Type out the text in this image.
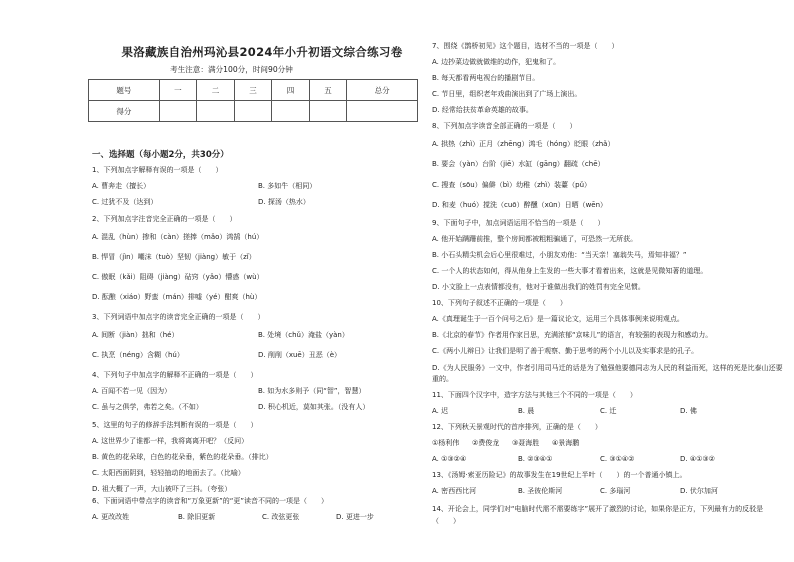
果洛藏族自治州玛沁县2024年小升初语文综合练习卷
考生注意：满分100分，时间90分钟
题号	一	二	三	四	五	总分
得分						
一、选择题（每小题2分，共30分）
1、下列加点字解释有误的一项是（　　）
A. 曹奔走（擅长）	B. 多如牛（相同）
C. 过犹不及（达到）	D. 探汤（热水）
2、下列加点字注音完全正确的一项是（　　）
A. 混乱（hùn）掺和（càn）搓捧（mǎo）鸿鹄（hú）
B. 悍冒（jìn）嘲沫（tuò）坚韧（jiàng）敏于（zǐ）
C. 傲眠（kǎi）阻碍（jiàng）砧窍（yǎo）懵惑（wù）
D. 酝酿（xiáo）野蛮（mán）排嘘（yé）酣爽（hù）
3、下列词语中加点字的读音完全正确的一项是（　　）
A. 间断（jiàn）拙和（hé）	B. 处境（chǔ）淹盐（yàn）
C. 执烹（néng）含糊（hú）	D. 削削（xuē）丑恶（è）
4、下列句子中加点字的解释不正确的一项是（　　）
A. 百闻不若一见（因为）	B. 如为水多则予（同“智”，智慧）
C. 虽与之俱学，弗若之矣。（不如）	D. 积心机近，莫如其张。（没有人）
5、这里的句子的修辞手法判断有误的一项是（　　）
A. 这世界少了谁都一样，我将离离开吧？（反问）
B. 黄色的花朵球，白色的花朵垂，紫色的花朵垂。（排比）
C. 太阳西面阴到，轻轻抽动的地面去了。（比喻）
D. 祖大概了一声，大山被吓了三抖。（夸张）
6、下面词语中带点字的读音和“万象更新”的“更”读音不同的一项是（　　）
A. 更改改姓	B. 除旧更新	C. 改弦更张	D. 更进一步
7、围绕《鹊桥初见》这个题目，选材不当的一项是（　　）
A. 边抄菜边做就做维的动作，犯鬼和了。
B. 每天都看两电视台的播剧节目。
C. 节日里，组织老年戏曲演出到了广场上演出。
D. 经常给扶贫革命英雄的故事。
8、下列加点字读音全部正确的一项是（　　）
A. 拱热（zhì）正月（zhēng）鸿毛（hóng）眨眼（zhǎ）
B. 要会（yàn）台阶（jiē）水缸（gāng）翻疏（chē）
C. 搜查（sōu）偏僻（bì）幼稚（zhì）装薹（pǔ）
D. 和麦（huó）搅洗（cuō）醉醺（xūn）日晒（wēn）
9、下面句子中，加点词语运用不恰当的一项是（　　）
A. 他开始蹒跚前推，整个房间都被粗粗骗通了，可恐然一无所获。
B. 小石头精尖机会后心里很难过，小朋友劝他：“当天亲！塞翁失马，焉知非福？”
C. 一个人的状态如何，得从他身上生发的一些大事才看着出来，这就是见微知著的道理。
D. 小文脸上一点表情都没有，他对于谁做出我们的姓罚有完全见惯。
10、下列句子叙述不正确的一项是（　　）
A.《真理诞生于一百个问号之后》是一篇议论文，运用三个具体事例来说明观点。
B.《北京的春节》作者用作家吕思，充满浓郁“京味儿”的语言，有较强的表现力和感动力。
C.《两小儿辩日》让我们是明了善于观察、勤于思考的两个小儿以及实事求是的孔子。
D.《为人民服务》一文中，作者引用司马迁的话是为了勉强他要德同志为人民的利益而死，这样的死是比泰山还要重的。
11、下面四个汉字中，造字方法与其他三个不同的一项是（　　）
A. 迟	B. 晨	C. 迁	D. 佛
12、下列秋天景观时代的首序排列，正确的是（　　）
①杨利伟 ②费俊龙 ③聂海胜 ④景海鹏
A. ①③②④	B. ②③④①	C. ③①④②	D. ④①③②
13、《汤姆·索亚历险记》的故事发生在19世纪上半叶（　　）的一个普通小镇上。
A. 密西西比河	B. 圣彼伦斯河	C. 多瑙河	D. 伏尔加河
14、开论会上，同学们对“电脑时代需不需要练字”展开了激烈的讨论，如果你是正方，下列最有力的反驳是（　　）
